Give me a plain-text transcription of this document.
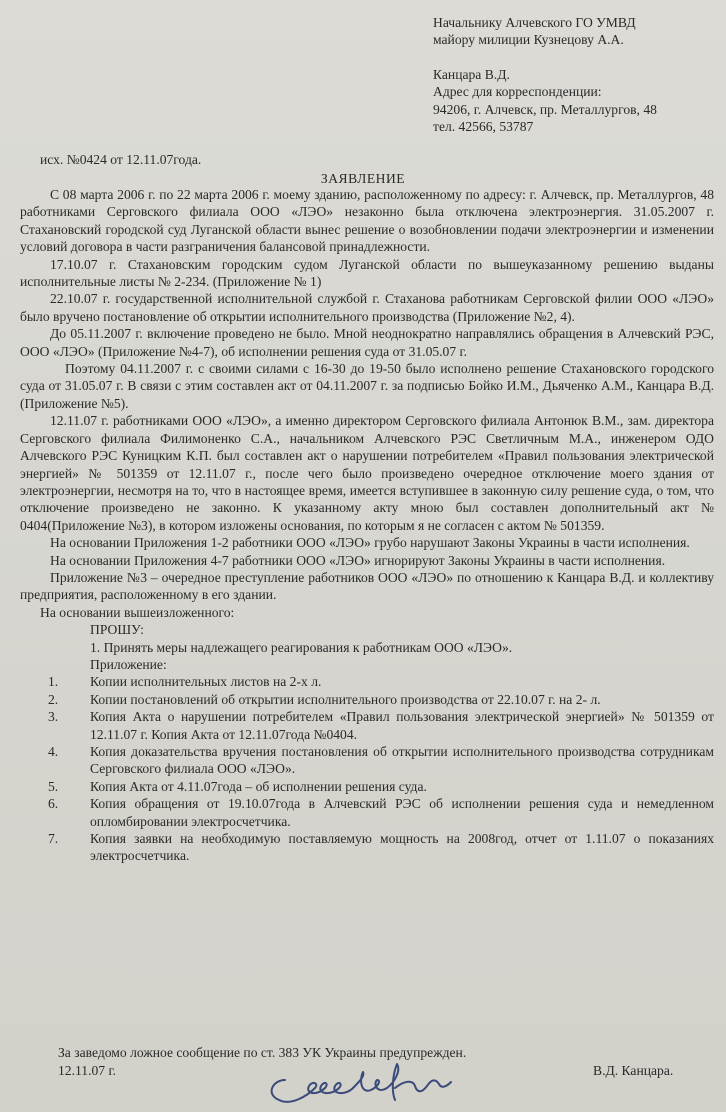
Начальнику Алчевского ГО УМВД
майору милиции Кузнецову А.А.
Канцара В.Д.
Адрес для корреспонденции:
94206, г. Алчевск, пр. Металлургов, 48
тел. 42566, 53787
исх. №0424 от 12.11.07года.
ЗАЯВЛЕНИЕ

С 08 марта 2006 г. по 22 марта 2006 г. моему зданию, расположенному по адресу: г. Алчевск, пр. Металлургов, 48 работниками Серговского филиала ООО «ЛЭО» незаконно была отключена электроэнергия. 31.05.2007 г. Стахановский городской суд Луганской области вынес решение о возобновлении подачи электроэнергии и изменении условий договора в части разграничения балансовой принадлежности.

17.10.07 г. Стахановским городским судом Луганской области по вышеуказанному решению выданы исполнительные листы № 2-234. (Приложение № 1)

22.10.07 г. государственной исполнительной службой г. Стаханова работникам Серговской филии ООО «ЛЭО» было вручено постановление об открытии исполнительного производства (Приложение №2, 4).

До 05.11.2007 г. включение проведено не было. Мной неоднократно направлялись обращения в Алчевский РЭС, ООО «ЛЭО» (Приложение №4-7), об исполнении решения суда от 31.05.07 г.

Поэтому 04.11.2007 г. с своими силами с 16-30 до 19-50 было исполнено решение Стахановского городского суда от 31.05.07 г. В связи с этим составлен акт от 04.11.2007 г. за подписью Бойко И.М., Дьяченко А.М., Канцара В.Д. (Приложение №5).

12.11.07 г. работниками ООО «ЛЭО», а именно директором Серговского филиала Антонюк В.М., зам. директора Серговского филиала Филимоненко С.А., начальником Алчевского РЭС Светличным М.А., инженером ОДО Алчевского РЭС Куницким К.П. был составлен акт о нарушении потребителем «Правил пользования электрической энергией» № 501359 от 12.11.07 г., после чего было произведено очередное отключение моего здания от электроэнергии, несмотря на то, что в настоящее время, имеется вступившее в законную силу решение суда, о том, что отключение произведено не законно. К указанному акту мною был составлен дополнительный акт № 0404(Приложение №3), в котором изложены основания, по которым я не согласен с актом № 501359.

На основании Приложения 1-2 работники ООО «ЛЭО» грубо нарушают Законы Украины в части исполнения.

На основании Приложения 4-7 работники ООО «ЛЭО» игнорируют Законы Украины в части исполнения.

Приложение №3 – очередное преступление работников ООО «ЛЭО» по отношению к Канцара В.Д. и коллективу предприятия, расположенному в его здании.

На основании вышеизложенного:

ПРОШУ:

1. Принять меры надлежащего реагирования к работникам ООО «ЛЭО».

Приложение:

1.	Копии исполнительных листов на 2-х л.
2.	Копии постановлений об открытии исполнительного производства от 22.10.07 г. на 2- л.
3.	Копия Акта о нарушении потребителем «Правил пользования электрической энергией» № 501359 от 12.11.07 г. Копия Акта от 12.11.07года №0404.
4.	Копия доказательства вручения постановления об открытии исполнительного производства сотрудникам Серговского филиала ООО «ЛЭО».
5.	Копия Акта от 4.11.07года – об исполнении решения суда.
6.	Копия обращения от 19.10.07года в Алчевский РЭС об исполнении решения суда и немедленном опломбировании электросчетчика.
7.	Копия заявки на необходимую поставляемую мощность на 2008год, отчет от 1.11.07 о показаниях электросчетчика.
За заведомо ложное сообщение по ст. 383 УК Украины предупрежден.
12.11.07 г.	В.Д. Канцара.
